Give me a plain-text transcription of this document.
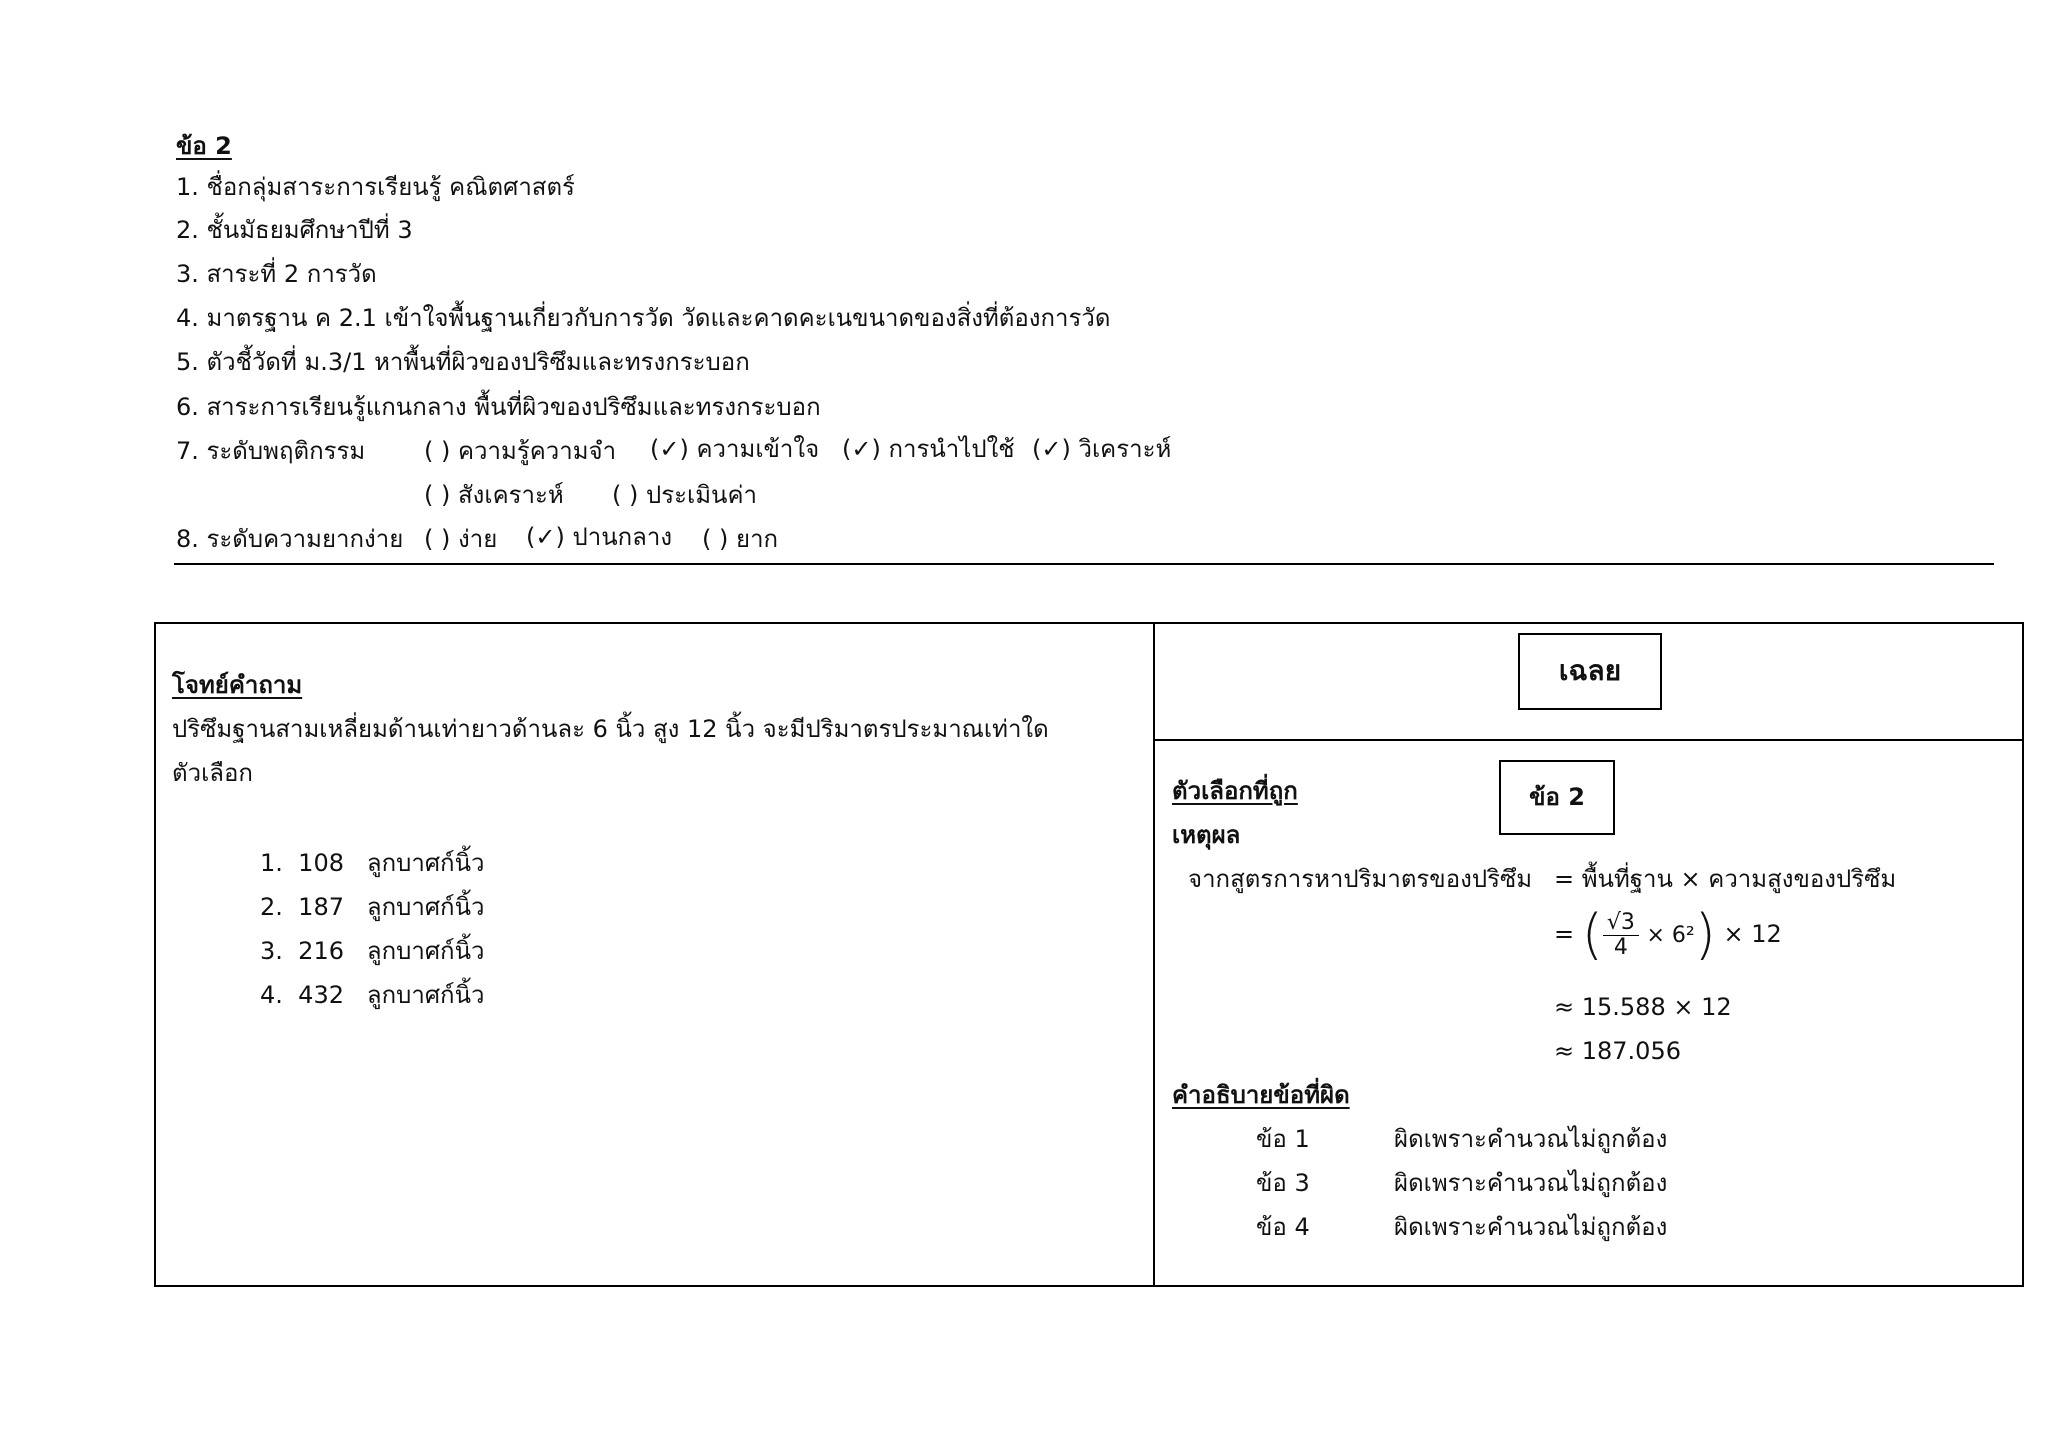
ข้อ 2
1. ชื่อกลุ่มสาระการเรียนรู้ คณิตศาสตร์
2. ชั้นมัธยมศึกษาปีที่ 3
3. สาระที่ 2 การวัด
4. มาตรฐาน ค 2.1 เข้าใจพื้นฐานเกี่ยวกับการวัด วัดและคาดคะเนขนาดของสิ่งที่ต้องการวัด
5. ตัวชี้วัดที่ ม.3/1 หาพื้นที่ผิวของปริซึมและทรงกระบอก
6. สาระการเรียนรู้แกนกลาง พื้นที่ผิวของปริซึมและทรงกระบอก
7. ระดับพฤติกรรม ( ) ความรู้ความจำ (✓) ความเข้าใจ (✓) การนำไปใช้ (✓) วิเคราะห์
( ) สังเคราะห์ ( ) ประเมินค่า
8. ระดับความยากง่าย ( ) ง่าย (✓) ปานกลาง ( ) ยาก
โจทย์คำถาม
ปริซึมฐานสามเหลี่ยมด้านเท่ายาวด้านละ 6 นิ้ว สูง 12 นิ้ว จะมีปริมาตรประมาณเท่าใด
ตัวเลือก
1. 108 ลูกบาศก์นิ้ว
2. 187 ลูกบาศก์นิ้ว
3. 216 ลูกบาศก์นิ้ว
4. 432 ลูกบาศก์นิ้ว
เฉลย
ตัวเลือกที่ถูก	ข้อ 2
เหตุผล
จากสูตรการหาปริมาตรของปริซึม = พื้นที่ฐาน × ความสูงของปริซึม
= ( $\frac{√3}{4} \times 6^2) \times 12$
≈ 15.588 × 12
≈ 187.056
คำอธิบายข้อที่ผิด
ข้อ 1	ผิดเพราะคำนวณไม่ถูกต้อง
ข้อ 3	ผิดเพราะคำนวณไม่ถูกต้อง
ข้อ 4	ผิดเพราะคำนวณไม่ถูกต้อง
